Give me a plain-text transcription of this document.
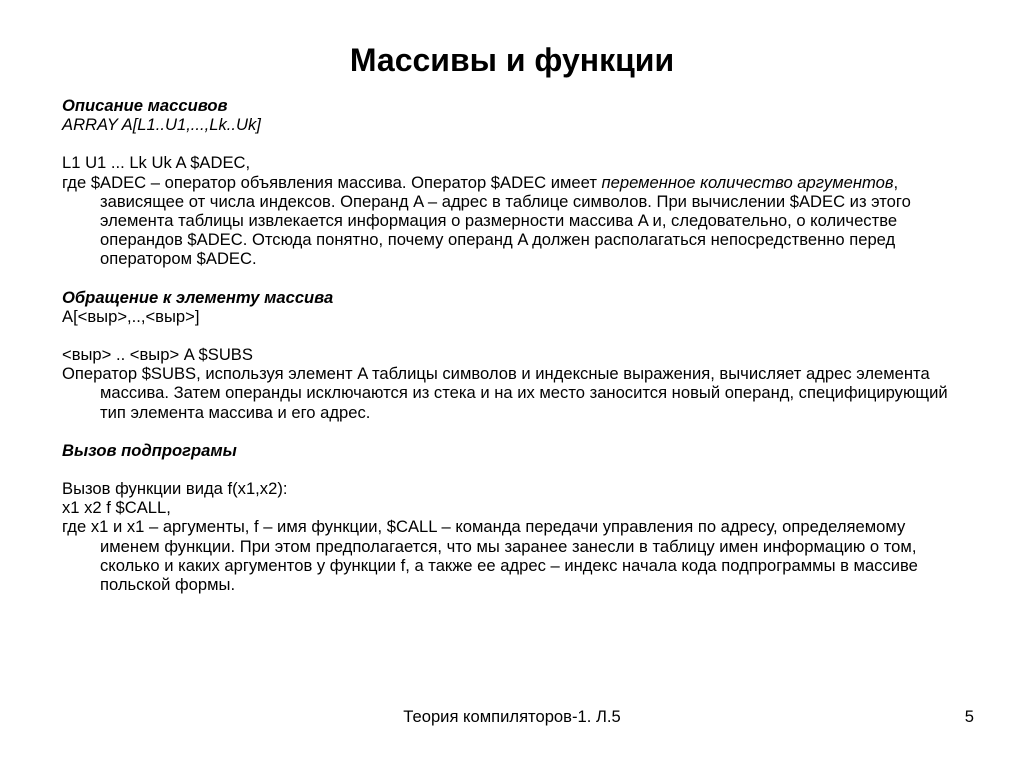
Массивы и функции

Описание массивов

ARRAY A[L1..U1,...,Lk..Uk]

L1 U1 ... Lk Uk A $ADEC,

где $ADEC – оператор объявления массива. Оператор $ADEC имеет переменное количество аргументов, зависящее от числа индексов. Операнд A – адрес в таблице символов. При вычислении $ADEC из этого элемента таблицы извлекается информация о размерности массива A и, следовательно, о количестве операндов $ADEC. Отсюда понятно, почему операнд A должен располагаться непосредственно перед оператором $ADEC.

Обращение к элементу массива

A[<выр>,..,<выр>]

<выр> .. <выр> A $SUBS

Оператор $SUBS, используя элемент A таблицы символов и индексные выражения, вычисляет адрес элемента массива. Затем операнды исключаются из стека и на их место заносится новый операнд, специфицирующий тип элемента массива и его адрес.

Вызов подпрограмы

Вызов функции вида f(x1,x2):

x1 x2 f $CALL,

где x1 и x1 – аргументы, f – имя функции, $CALL – команда передачи управления по адресу, определяемому именем функции. При этом предполагается, что мы заранее занесли в таблицу имен информацию о том, сколько и каких аргументов у функции f, а также ее адрес – индекс начала кода подпрограммы в массиве польской формы.

Теория компиляторов-1. Л.5	5
